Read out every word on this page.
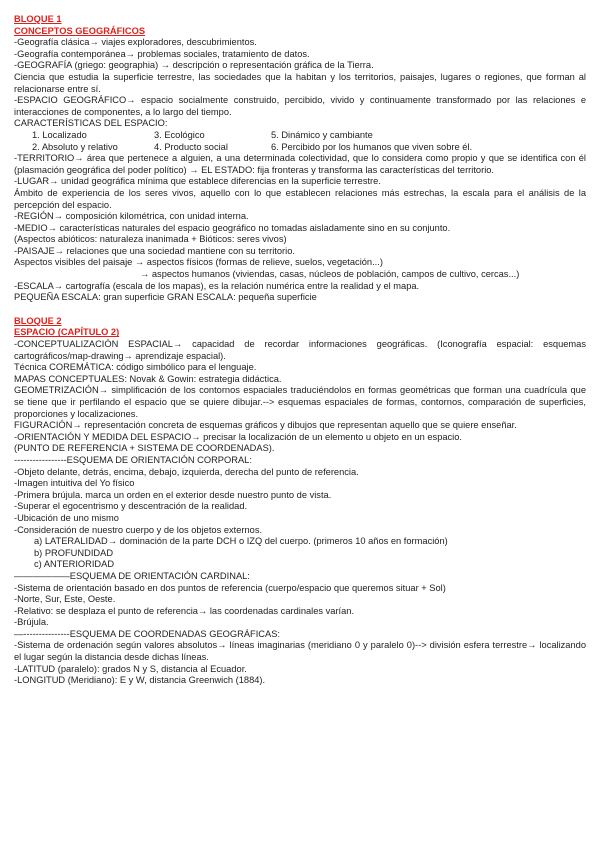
BLOQUE 1

CONCEPTOS GEOGRÁFICOS

-Geografía clásica→ viajes exploradores, descubrimientos.

-Geografía contemporánea→ problemas sociales, tratamiento de datos.

-GEOGRAFÍA (griego: geographia) → descripción o representación gráfica de la Tierra.

Ciencia que estudia la superficie terrestre, las sociedades que la habitan y los territorios, paisajes, lugares o regiones, que forman al relacionarse entre sí.

-ESPACIO GEOGRÁFICO→ espacio socialmente construido, percibido, vivido y continuamente transformado por las relaciones e interacciones de componentes, a lo largo del tiempo.

CARACTERÍSTICAS DEL ESPACIO:

1. Localizado	3. Ecológico	5. Dinámico y cambiante
2. Absoluto y relativo	4. Producto social	6. Percibido por los humanos que viven sobre él.

-TERRITORIO→ área que pertenece a alguien, a una determinada colectividad, que lo considera como propio y que se identifica con él (plasmación geográfica del poder político) → EL ESTADO: fija fronteras y transforma las características del territorio.

-LUGAR→ unidad geográfica mínima que establece diferencias en la superficie terrestre.

Ámbito de experiencia de los seres vivos, aquello con lo que establecen relaciones más estrechas, la escala para el análisis de la percepción del espacio.

-REGIÓN→ composición kilométrica, con unidad interna.

-MEDIO→ características naturales del espacio geográfico no tomadas aisladamente sino en su conjunto.

(Aspectos abióticos: naturaleza inanimada + Bióticos: seres vivos)

-PAISAJE→ relaciones que una sociedad mantiene con su territorio.

Aspectos visibles del paisaje → aspectos físicos (formas de relieve, suelos, vegetación...)

→ aspectos humanos (viviendas, casas, núcleos de población, campos de cultivo, cercas...)

-ESCALA→ cartografía (escala de los mapas), es la relación numérica entre la realidad y el mapa.

PEQUEÑA ESCALA: gran superficie GRAN ESCALA: pequeña superficie

BLOQUE 2

ESPACIO (CAPÍTULO 2)

-CONCEPTUALIZACIÓN ESPACIAL→ capacidad de recordar informaciones geográficas. (Iconografía espacial: esquemas cartográficos/map-drawing→ aprendizaje espacial).

Técnica COREMÁTICA: código simbólico para el lenguaje.

MAPAS CONCEPTUALES: Novak & Gowin: estrategia didáctica.

GEOMETRIZACIÓN→ simplificación de los contornos espaciales traduciéndolos en formas geométricas que forman una cuadrícula que se tiene que ir perfilando el espacio que se quiere dibujar.--> esquemas espaciales de formas, contornos, comparación de superficies, proporciones y localizaciones.

FIGURACIÓN→ representación concreta de esquemas gráficos y dibujos que representan aquello que se quiere enseñar.

-ORIENTACIÓN Y MEDIDA DEL ESPACIO→ precisar la localización de un elemento u objeto en un espacio.

(PUNTO DE REFERENCIA + SISTEMA DE COORDENADAS).

-----------------ESQUEMA DE ORIENTACIÓN CORPORAL:

-Objeto delante, detrás, encima, debajo, izquierda, derecha del punto de referencia.

-Imagen intuitiva del Yo físico

-Primera brújula. marca un orden en el exterior desde nuestro punto de vista.

-Superar el egocentrismo y descentración de la realidad.

-Ubicación de uno mismo

-Consideración de nuestro cuerpo y de los objetos externos.

a) LATERALIDAD→ dominación de la parte DCH o IZQ del cuerpo. (primeros 10 años en formación)

b) PROFUNDIDAD

c) ANTERIORIDAD

——————ESQUEMA DE ORIENTACIÓN CARDINAL:

-Sistema de orientación basado en dos puntos de referencia (cuerpo/espacio que queremos situar + Sol)

-Norte, Sur, Este, Oeste.

-Relativo: se desplaza el punto de referencia→ las coordenadas cardinales varían.

-Brújula.

—---------------ESQUEMA DE COORDENADAS GEOGRÁFICAS:

-Sistema de ordenación según valores absolutos→ líneas imaginarias (meridiano 0 y paralelo 0)--> división esfera terrestre→ localizando el lugar según la distancia desde dichas líneas.

-LATITUD (paralelo): grados N y S, distancia al Ecuador.

-LONGITUD (Meridiano): E y W, distancia Greenwich (1884).
